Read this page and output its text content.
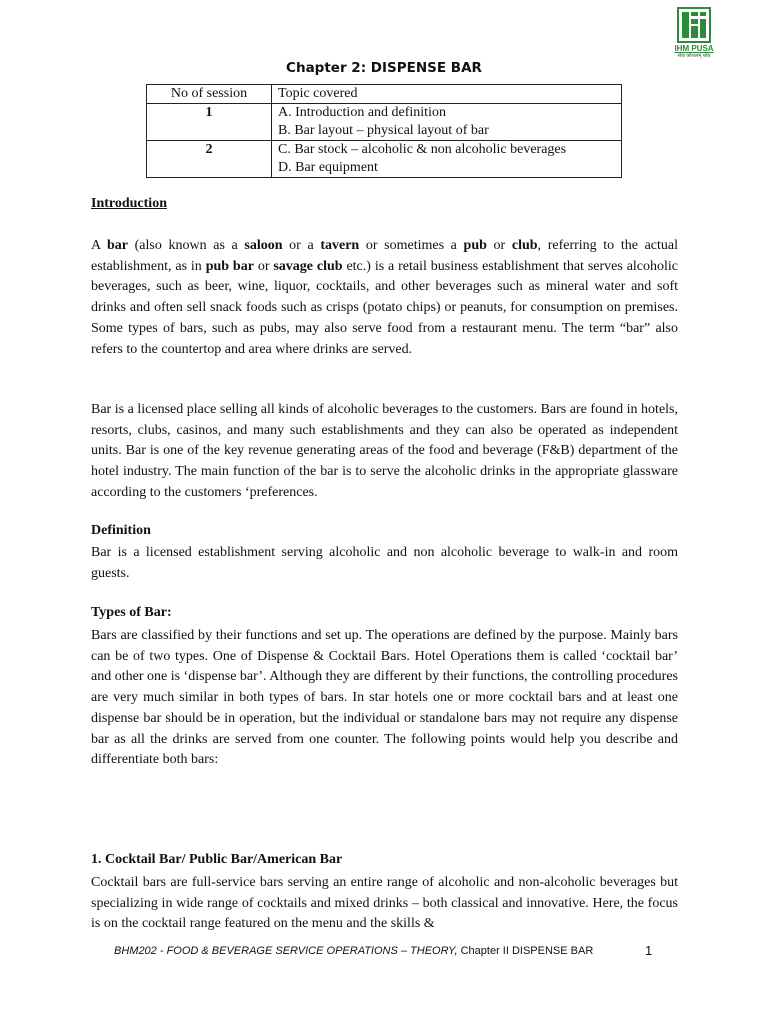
IHM PUSA
सेवा कौशलम् ध्येय
Chapter 2: DISPENSE BAR
No of session	Topic covered
1	A. Introduction and definition
B. Bar layout – physical layout of bar

2	C. Bar stock – alcoholic & non alcoholic beverages
D. Bar equipment
Introduction

A bar (also known as a saloon or a tavern or sometimes a pub or club, referring to the actual establishment, as in pub bar or savage club etc.) is a retail business establishment that serves alcoholic beverages, such as beer, wine, liquor, cocktails, and other beverages such as mineral water and soft drinks and often sell snack foods such as crisps (potato chips) or peanuts, for consumption on premises. Some types of bars, such as pubs, may also serve food from a restaurant menu. The term “bar” also refers to the countertop and area where drinks are served.

Bar is a licensed place selling all kinds of alcoholic beverages to the customers. Bars are found in hotels, resorts, clubs, casinos, and many such establishments and they can also be operated as independent units. Bar is one of the key revenue generating areas of the food and beverage (F&B) department of the hotel industry. The main function of the bar is to serve the alcoholic drinks in the appropriate glassware according to the customers ‘preferences.

Definition

Bar is a licensed establishment serving alcoholic and non alcoholic beverage to walk-in and room guests.

Types of Bar:

Bars are classified by their functions and set up. The operations are defined by the purpose. Mainly bars can be of two types. One of Dispense & Cocktail Bars. Hotel Operations them is called ‘cocktail bar’ and other one is ‘dispense bar’. Although they are different by their functions, the controlling procedures are very much similar in both types of bars. In star hotels one or more cocktail bars and at least one dispense bar should be in operation, but the individual or standalone bars may not require any dispense bar as all the drinks are served from one counter. The following points would help you describe and differentiate both bars:

1. Cocktail Bar/ Public Bar/American Bar

Cocktail bars are full-service bars serving an entire range of alcoholic and non-alcoholic beverages but specializing in wide range of cocktails and mixed drinks – both classical and innovative. Here, the focus is on the cocktail range featured on the menu and the skills &

BHM202 - FOOD & BEVERAGE SERVICE OPERATIONS – THEORY, Chapter II DISPENSE BAR	1
